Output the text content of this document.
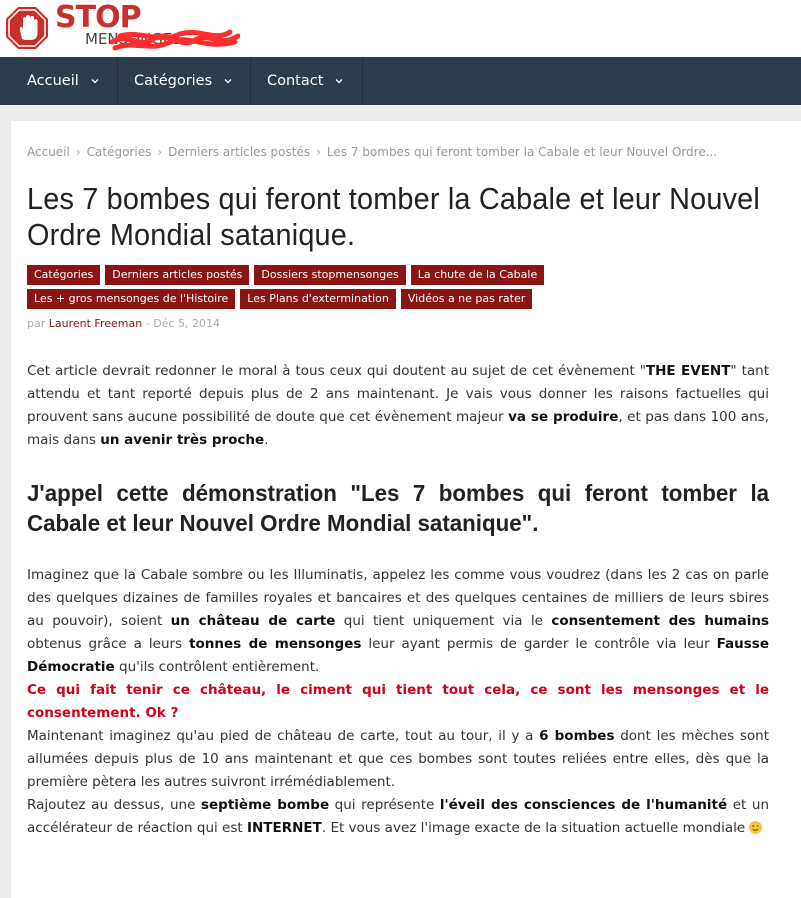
STOP
MENSONGES
Accueil	Catégories	Contact
Accueil › Catégories › Derniers articles postés › Les 7 bombes qui feront tomber la Cabale et leur Nouvel Ordre...
Les 7 bombes qui feront tomber la Cabale et leur Nouvel Ordre Mondial satanique.
Catégories	Derniers articles postés	Dossiers stopmensonges	La chute de la Cabale
Les + gros mensonges de l'Histoire	Les Plans d'extermination	Vidéos a ne pas rater
par Laurent Freeman - Déc 5, 2014

Cet article devrait redonner le moral à tous ceux qui doutent au sujet de cet évènement "THE EVENT" tant attendu et tant reporté depuis plus de 2 ans maintenant. Je vais vous donner les raisons factuelles qui prouvent sans aucune possibilité de doute que cet évènement majeur va se produire, et pas dans 100 ans, mais dans un avenir très proche.

J'appel cette démonstration "Les 7 bombes qui feront tomber la Cabale et leur Nouvel Ordre Mondial satanique".

Imaginez que la Cabale sombre ou les Illuminatis, appelez les comme vous voudrez (dans les 2 cas on parle des quelques dizaines de familles royales et bancaires et des quelques centaines de milliers de leurs sbires au pouvoir), soient un château de carte qui tient uniquement via le consentement des humains obtenus grâce a leurs tonnes de mensonges leur ayant permis de garder le contrôle via leur Fausse Démocratie qu'ils contrôlent entièrement.

Ce qui fait tenir ce château, le ciment qui tient tout cela, ce sont les mensonges et le consentement. Ok ?

Maintenant imaginez qu'au pied de château de carte, tout au tour, il y a 6 bombes dont les mèches sont allumées depuis plus de 10 ans maintenant et que ces bombes sont toutes reliées entre elles, dès que la première pètera les autres suivront irrémédiablement.

Rajoutez au dessus, une septième bombe qui représente l'éveil des consciences de l'humanité et un accélérateur de réaction qui est INTERNET. Et vous avez l'image exacte de la situation actuelle mondiale
